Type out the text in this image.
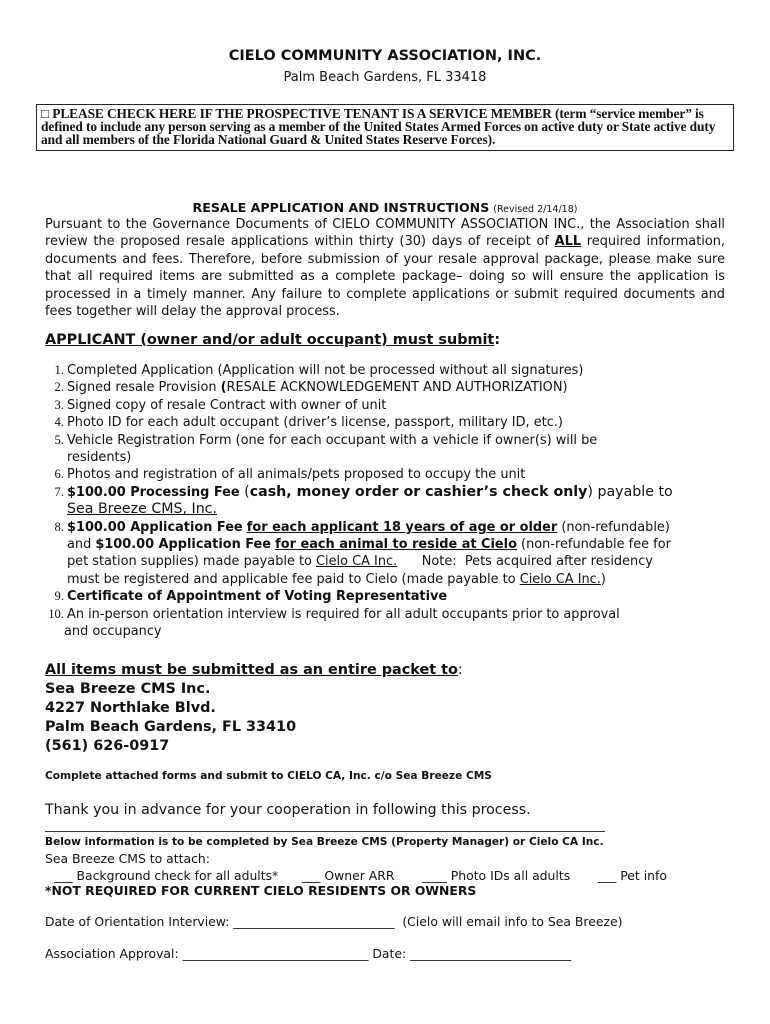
CIELO COMMUNITY ASSOCIATION, INC.
Palm Beach Gardens, FL 33418
□ PLEASE CHECK HERE IF THE PROSPECTIVE TENANT IS A SERVICE MEMBER (term “service member” is defined to include any person serving as a member of the United States Armed Forces on active duty or State active duty and all members of the Florida National Guard & United States Reserve Forces).
RESALE APPLICATION AND INSTRUCTIONS (Revised 2/14/18)
Pursuant to the Governance Documents of CIELO COMMUNITY ASSOCIATION INC., the Association shall review the proposed resale applications within thirty (30) days of receipt of ALL required information, documents and fees. Therefore, before submission of your resale approval package, please make sure that all required items are submitted as a complete package– doing so will ensure the application is processed in a timely manner. Any failure to complete applications or submit required documents and fees together will delay the approval process.
APPLICANT (owner and/or adult occupant) must submit:
1. Completed Application (Application will not be processed without all signatures)
2. Signed resale Provision (RESALE ACKNOWLEDGEMENT AND AUTHORIZATION)
3. Signed copy of resale Contract with owner of unit
4. Photo ID for each adult occupant (driver’s license, passport, military ID, etc.)
5. Vehicle Registration Form (one for each occupant with a vehicle if owner(s) will be
residents)
6. Photos and registration of all animals/pets proposed to occupy the unit
7. $100.00 Processing Fee (cash, money order or cashier’s check only) payable to
Sea Breeze CMS, Inc.
8. $100.00 Application Fee for each applicant 18 years of age or older (non-refundable)
and $100.00 Application Fee for each animal to reside at Cielo (non-refundable fee for
pet station supplies) made payable to Cielo CA Inc.      Note:  Pets acquired after residency
must be registered and applicable fee paid to Cielo (made payable to Cielo CA Inc.)
9. Certificate of Appointment of Voting Representative
10. An in-person orientation interview is required for all adult occupants prior to approval
and occupancy
All items must be submitted as an entire packet to:
Sea Breeze CMS Inc.
4227 Northlake Blvd.
Palm Beach Gardens, FL 33410
(561) 626-0917
Complete attached forms and submit to CIELO CA, Inc. c/o Sea Breeze CMS
Thank you in advance for your cooperation in following this process.
Below information is to be completed by Sea Breeze CMS (Property Manager) or Cielo CA Inc.
Sea Breeze CMS to attach:
___ Background check for all adults*      ___ Owner ARR       ____ Photo IDs all adults       ___ Pet info
*NOT REQUIRED FOR CURRENT CIELO RESIDENTS OR OWNERS
Date of Orientation Interview: __________________________  (Cielo will email info to Sea Breeze)
Association Approval: ______________________________ Date: __________________________
